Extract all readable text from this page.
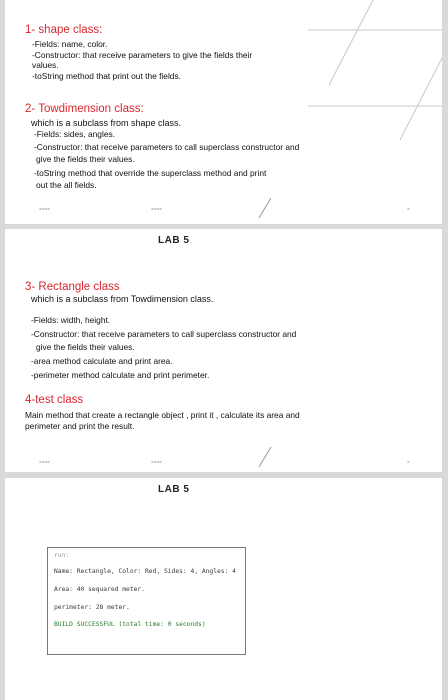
1- shape class:
-Fields: name, color.
-Constructor: that receive parameters to give the fields their
values.
-toString method that print out the fields.
2- Towdimension class:
which is a subclass from shape class.
-Fields: sides, angles.
-Constructor: that receive parameters to call superclass constructor and
give the fields their values.
-toString method that override the superclass method and print
out the all fields.
▪▪▪▪	▪▪▪▪	▪
LAB 5
3- Rectangle class
which is a subclass from Towdimension class.
-Fields: width, height.
-Constructor: that receive parameters to call superclass constructor and
give the fields their values.
-area method calculate and print area.
-perimeter method calculate and print perimeter.
4-test class
Main method that create a rectangle object , print it , calculate its area and
perimeter and print the result.
▪▪▪▪	▪▪▪▪	▪
LAB 5
run:
Name: Rectangle, Color: Red, Sides: 4, Angles: 4
Area: 40 sequared meter.
perimeter: 28 meter.
BUILD SUCCESSFUL (total time: 0 seconds)
